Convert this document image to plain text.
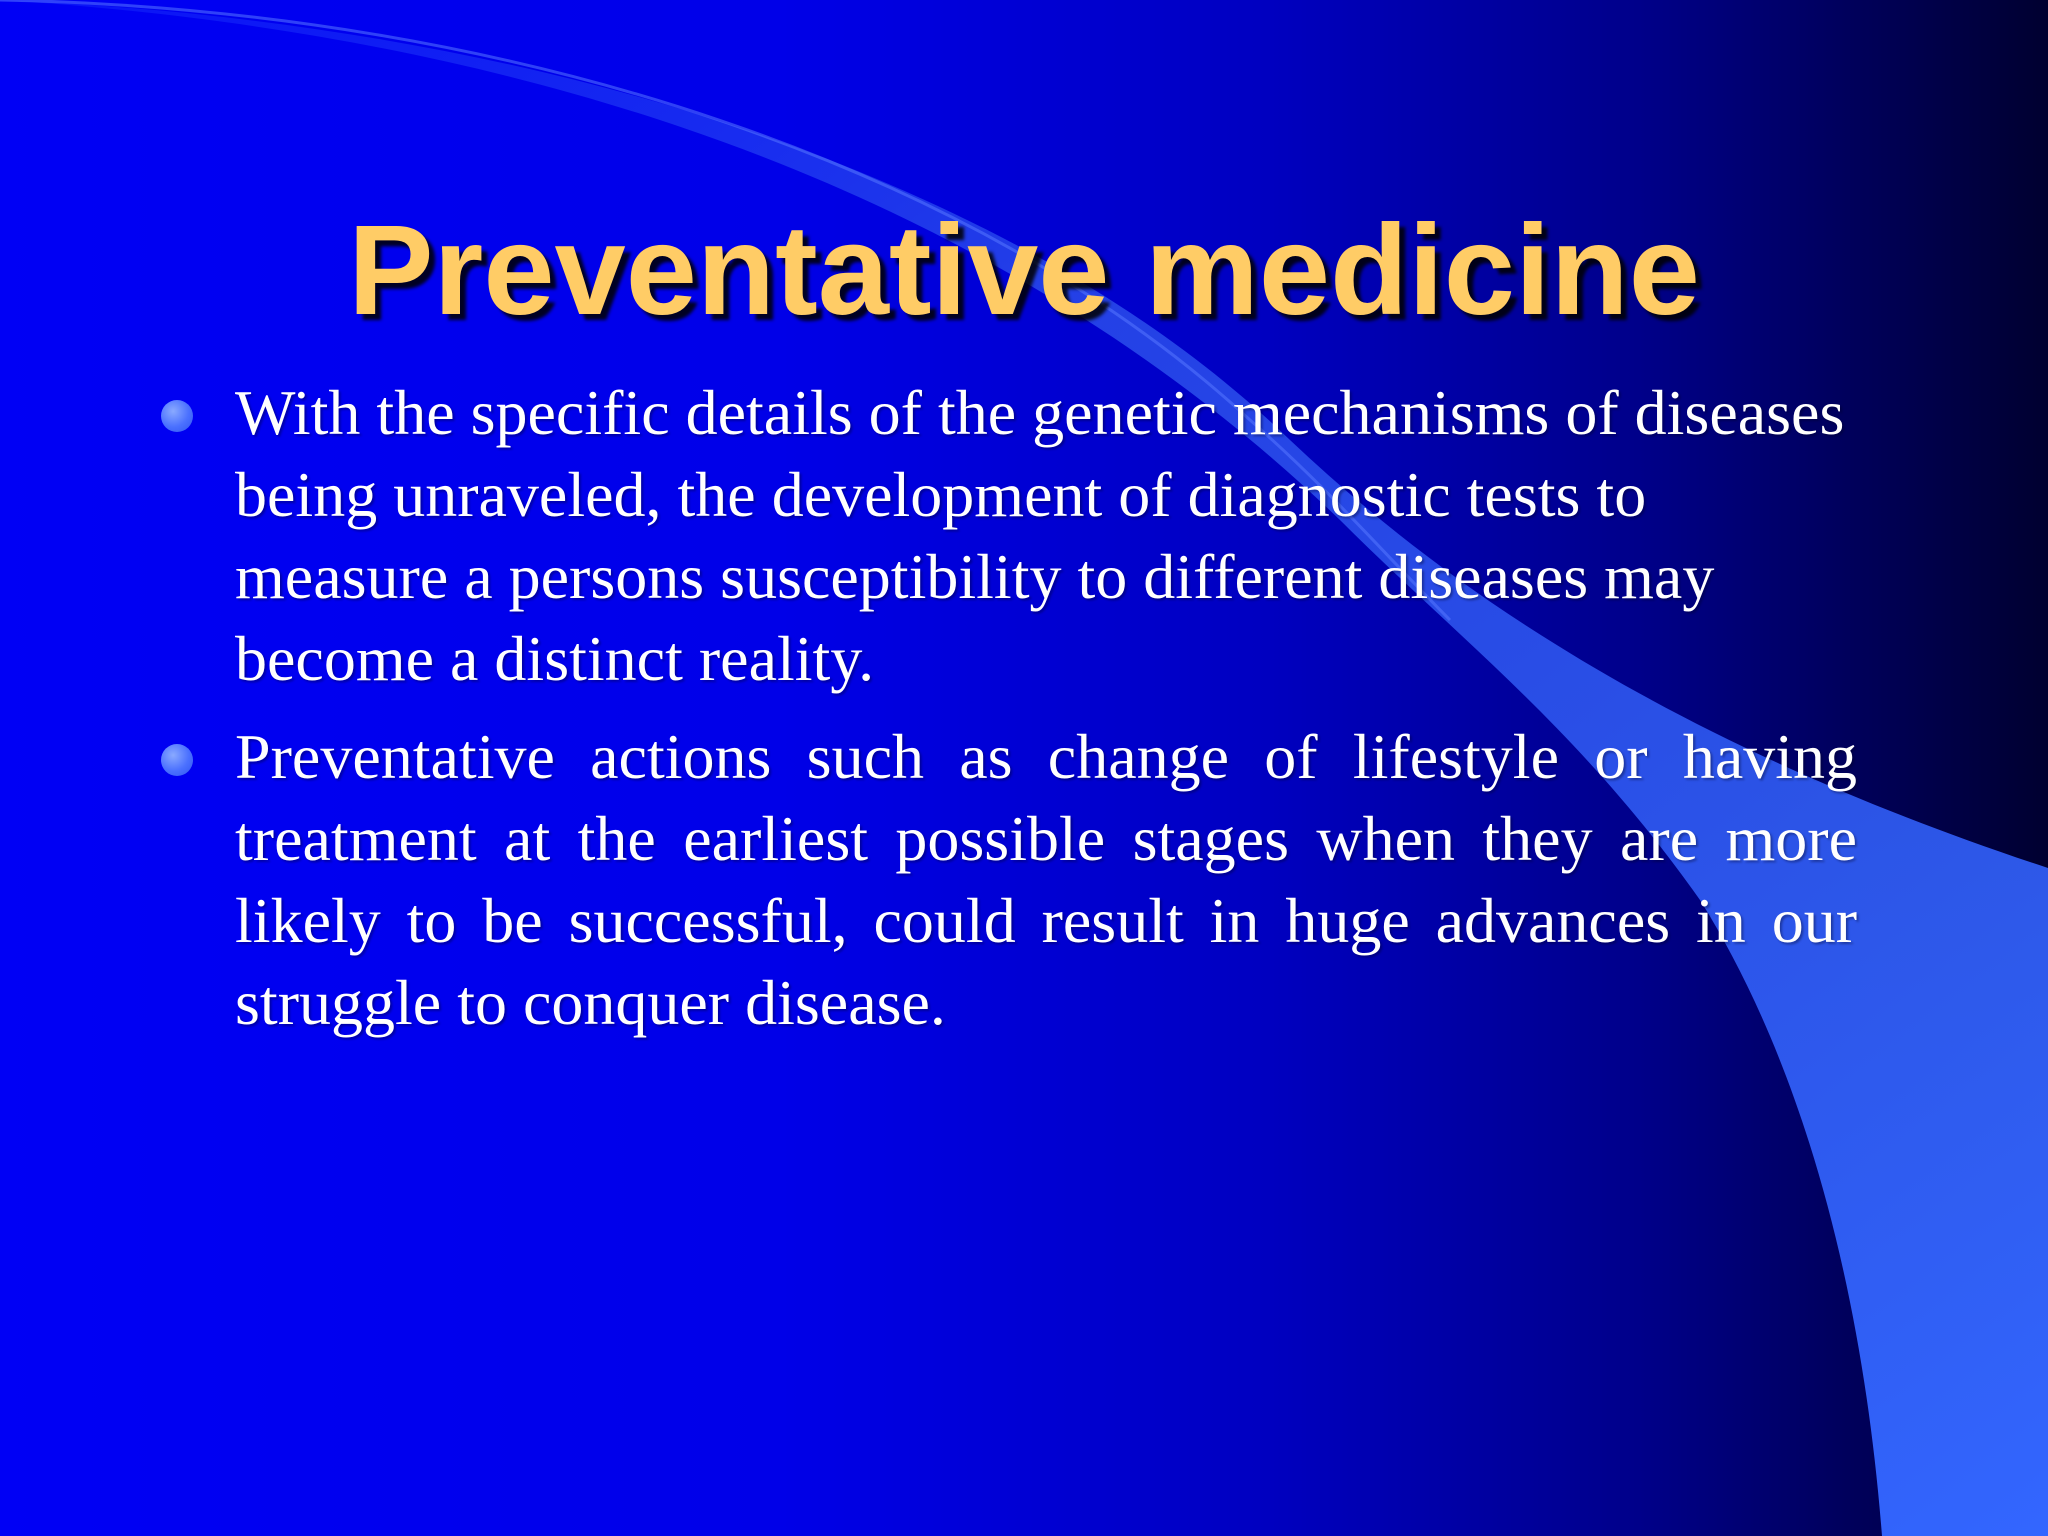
Preventative medicine
With the specific details of the genetic mechanisms of diseases being unraveled, the development of diagnostic tests to measure a persons susceptibility to different diseases may become a distinct reality.
Preventative actions such as change of lifestyle or having treatment at the earliest possible stages when they are more likely to be successful, could result in huge advances in our struggle to conquer disease.
